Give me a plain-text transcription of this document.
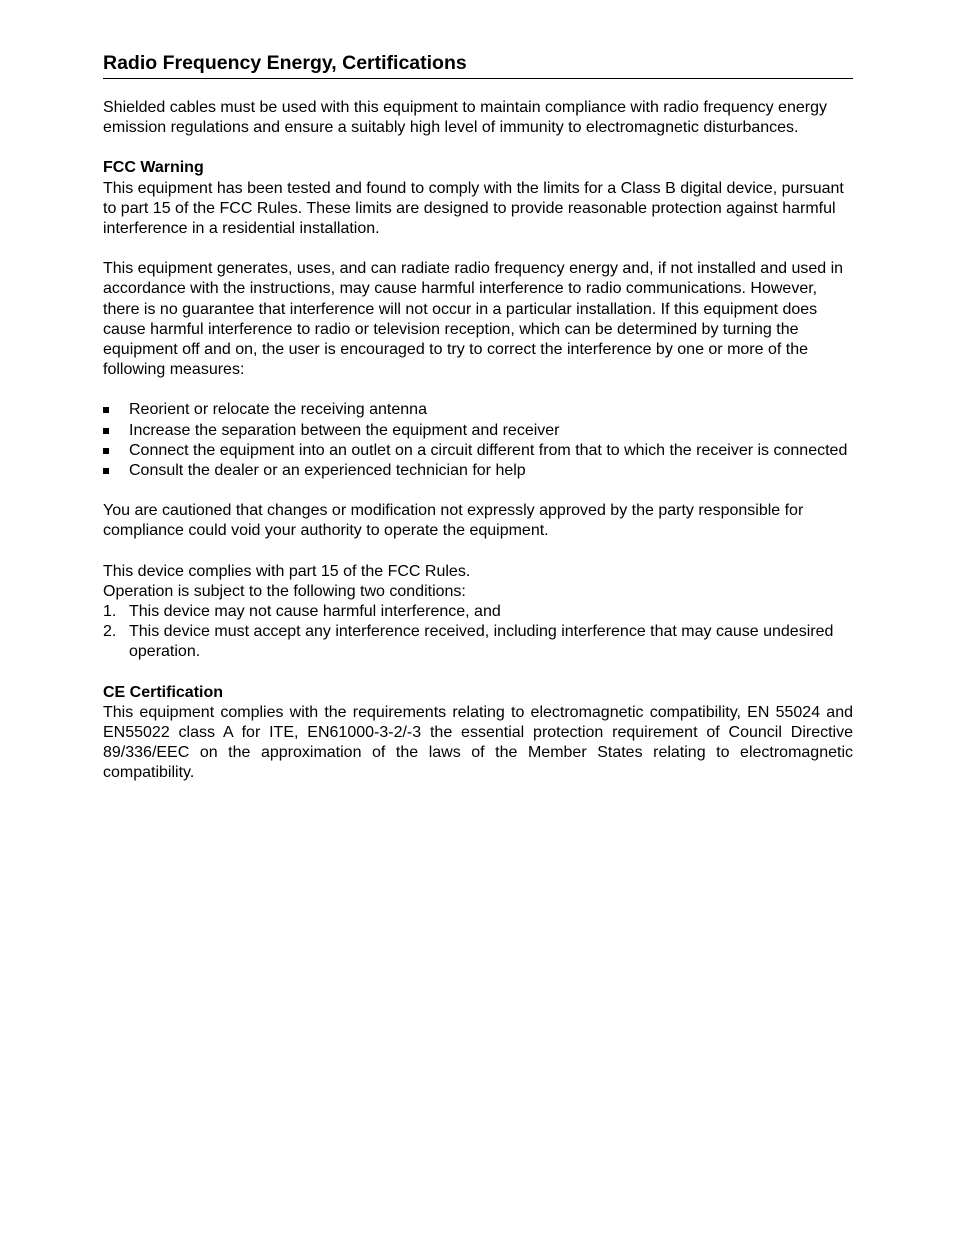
Radio Frequency Energy, Certifications

Shielded cables must be used with this equipment to maintain compliance with radio frequency energy emission regulations and ensure a suitably high level of immunity to electromagnetic disturbances.

FCC Warning

This equipment has been tested and found to comply with the limits for a Class B digital device, pursuant to part 15 of the FCC Rules. These limits are designed to provide reasonable protection against harmful interference in a residential installation.

This equipment generates, uses, and can radiate radio frequency energy and, if not installed and used in accordance with the instructions, may cause harmful interference to radio communications. However, there is no guarantee that interference will not occur in a particular installation. If this equipment does cause harmful interference to radio or television reception, which can be determined by turning the equipment off and on, the user is encouraged to try to correct the interference by one or more of the following measures:

Reorient or relocate the receiving antenna
Increase the separation between the equipment and receiver
Connect the equipment into an outlet on a circuit different from that to which the receiver is connected
Consult the dealer or an experienced technician for help

You are cautioned that changes or modification not expressly approved by the party responsible for compliance could void your authority to operate the equipment.

This device complies with part 15 of the FCC Rules.

Operation is subject to the following two conditions:

1. This device may not cause harmful interference, and
2. This device must accept any interference received, including interference that may cause undesired operation.

CE Certification

This equipment complies with the requirements relating to electromagnetic compatibility, EN 55024 and EN55022 class A for ITE, EN61000-3-2/-3 the essential protection requirement of Council Directive 89/336/EEC on the approximation of the laws of the Member States relating to electromagnetic compatibility.
